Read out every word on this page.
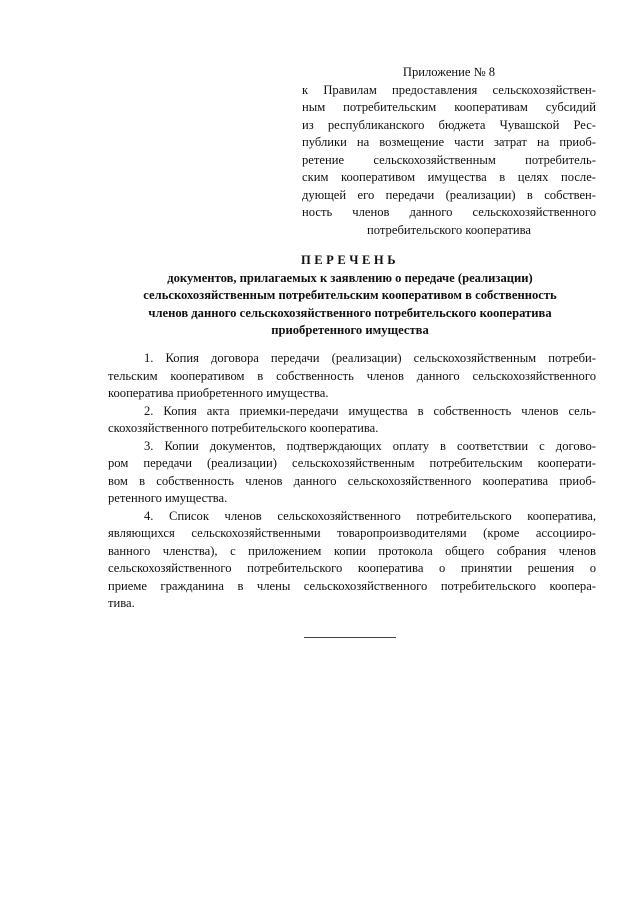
Приложение № 8
к Правилам предоставления сельскохозяйствен-
ным потребительским кооперативам субсидий
из республиканского бюджета Чувашской Рес-
публики на возмещение части затрат на приоб-
ретение сельскохозяйственным потребитель-
ским кооперативом имущества в целях после-
дующей его передачи (реализации) в собствен-
ность членов данного сельскохозяйственного
потребительского кооператива
ПЕРЕЧЕНЬ
документов, прилагаемых к заявлению о передаче (реализации)
сельскохозяйственным потребительским кооперативом в собственность
членов данного сельскохозяйственного потребительского кооператива
приобретенного имущества
1. Копия договора передачи (реализации) сельскохозяйственным потреби-
тельским кооперативом в собственность членов данного сельскохозяйственного
кооператива приобретенного имущества.
2. Копия акта приемки-передачи имущества в собственность членов сель-
скохозяйственного потребительского кооператива.
3. Копии документов, подтверждающих оплату в соответствии с догово-
ром передачи (реализации) сельскохозяйственным потребительским кооперати-
вом в собственность членов данного сельскохозяйственного кооператива приоб-
ретенного имущества.
4. Список членов сельскохозяйственного потребительского кооператива,
являющихся сельскохозяйственными товаропроизводителями (кроме ассоцииро-
ванного членства), с приложением копии протокола общего собрания членов
сельскохозяйственного потребительского кооператива о принятии решения о
приеме гражданина в члены сельскохозяйственного потребительского коопера-
тива.
